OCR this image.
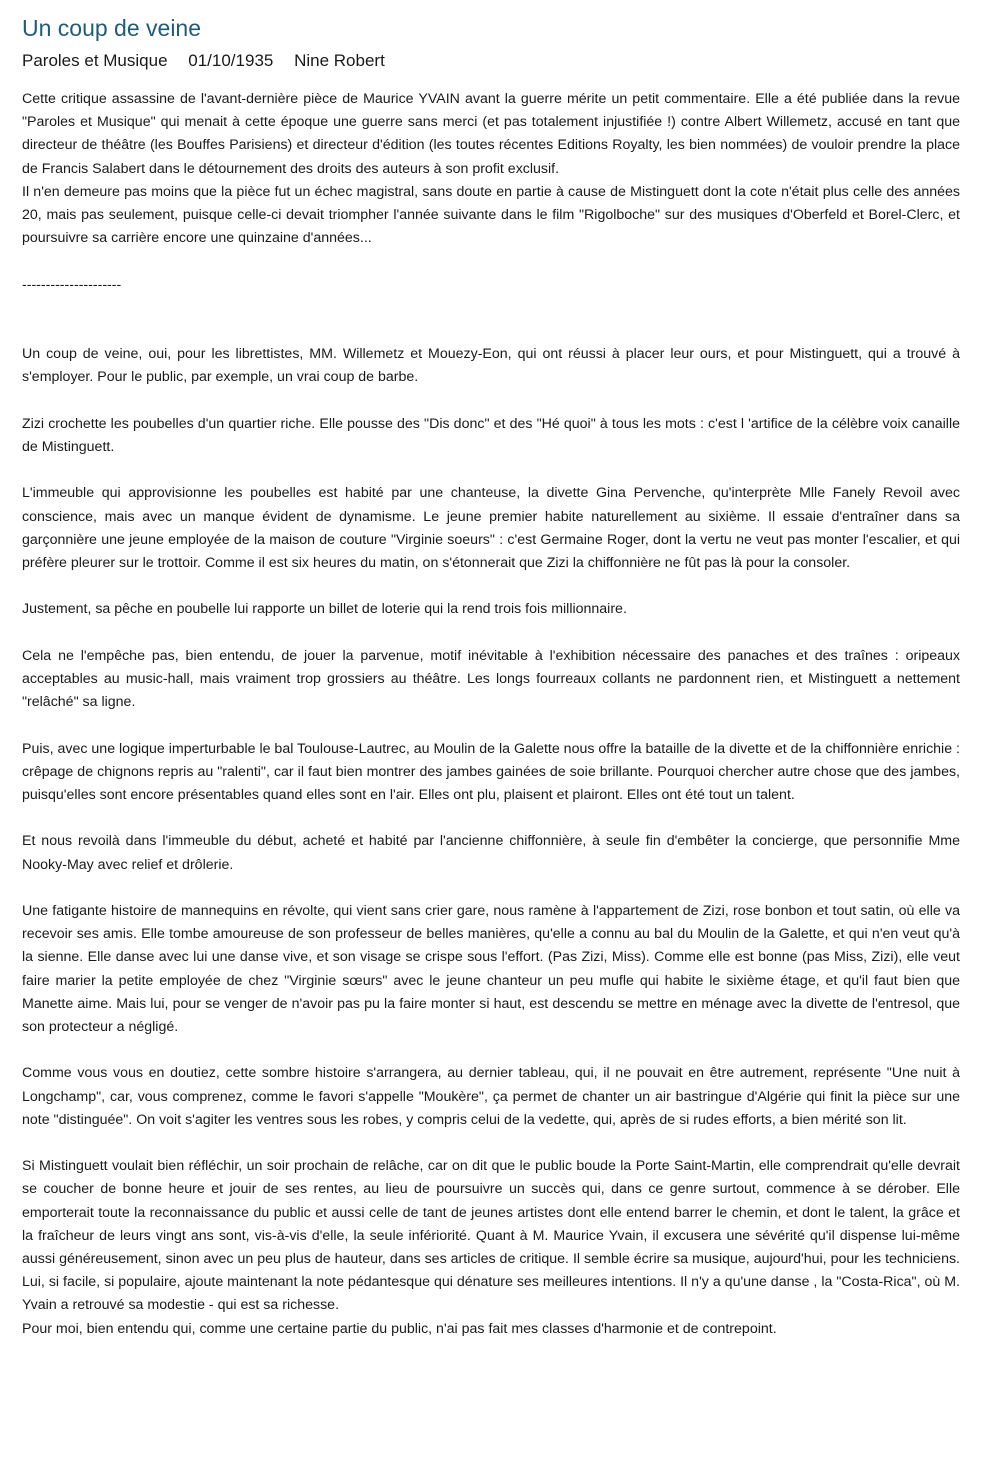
Un coup de veine
Paroles et Musique 01/10/1935 Nine Robert

Cette critique assassine de l'avant-dernière pièce de Maurice YVAIN avant la guerre mérite un petit commentaire. Elle a été publiée dans la revue "Paroles et Musique" qui menait à cette époque une guerre sans merci (et pas totalement injustifiée !) contre Albert Willemetz, accusé en tant que directeur de théâtre (les Bouffes Parisiens) et directeur d'édition (les toutes récentes Editions Royalty, les bien nommées) de vouloir prendre la place de Francis Salabert dans le détournement des droits des auteurs à son profit exclusif.

Il n'en demeure pas moins que la pièce fut un échec magistral, sans doute en partie à cause de Mistinguett dont la cote n'était plus celle des années 20, mais pas seulement, puisque celle-ci devait triompher l'année suivante dans le film "Rigolboche" sur des musiques d'Oberfeld et Borel-Clerc, et poursuivre sa carrière encore une quinzaine d'années...

---------------------

Un coup de veine, oui, pour les librettistes, MM. Willemetz et Mouezy-Eon, qui ont réussi à placer leur ours, et pour Mistinguett, qui a trouvé à s'employer. Pour le public, par exemple, un vrai coup de barbe.

Zizi crochette les poubelles d'un quartier riche. Elle pousse des "Dis donc" et des "Hé quoi" à tous les mots : c'est l 'artifice de la célèbre voix canaille de Mistinguett.

L'immeuble qui approvisionne les poubelles est habité par une chanteuse, la divette Gina Pervenche, qu'interprète Mlle Fanely Revoil avec conscience, mais avec un manque évident de dynamisme. Le jeune premier habite naturellement au sixième. Il essaie d'entraîner dans sa garçonnière une jeune employée de la maison de couture "Virginie soeurs" : c'est Germaine Roger, dont la vertu ne veut pas monter l'escalier, et qui préfère pleurer sur le trottoir. Comme il est six heures du matin, on s'étonnerait que Zizi la chiffonnière ne fût pas là pour la consoler.

Justement, sa pêche en poubelle lui rapporte un billet de loterie qui la rend trois fois millionnaire.

Cela ne l'empêche pas, bien entendu, de jouer la parvenue, motif inévitable à l'exhibition nécessaire des panaches et des traînes : oripeaux acceptables au music-hall, mais vraiment trop grossiers au théâtre. Les longs fourreaux collants ne pardonnent rien, et Mistinguett a nettement "relâché" sa ligne.

Puis, avec une logique imperturbable le bal Toulouse-Lautrec, au Moulin de la Galette nous offre la bataille de la divette et de la chiffonnière enrichie : crêpage de chignons repris au "ralenti", car il faut bien montrer des jambes gainées de soie brillante. Pourquoi chercher autre chose que des jambes, puisqu'elles sont encore présentables quand elles sont en l'air. Elles ont plu, plaisent et plairont. Elles ont été tout un talent.

Et nous revoilà dans l'immeuble du début, acheté et habité par l'ancienne chiffonnière, à seule fin d'embêter la concierge, que personnifie Mme Nooky-May avec relief et drôlerie.

Une fatigante histoire de mannequins en révolte, qui vient sans crier gare, nous ramène à l'appartement de Zizi, rose bonbon et tout satin, où elle va recevoir ses amis. Elle tombe amoureuse de son professeur de belles manières, qu'elle a connu au bal du Moulin de la Galette, et qui n'en veut qu'à la sienne. Elle danse avec lui une danse vive, et son visage se crispe sous l'effort. (Pas Zizi, Miss). Comme elle est bonne (pas Miss, Zizi), elle veut faire marier la petite employée de chez "Virginie sœurs" avec le jeune chanteur un peu mufle qui habite le sixième étage, et qu'il faut bien que Manette aime. Mais lui, pour se venger de n'avoir pas pu la faire monter si haut, est descendu se mettre en ménage avec la divette de l'entresol, que son protecteur a négligé.

Comme vous vous en doutiez, cette sombre histoire s'arrangera, au dernier tableau, qui, il ne pouvait en être autrement, représente "Une nuit à Longchamp", car, vous comprenez, comme le favori s'appelle "Moukère", ça permet de chanter un air bastringue d'Algérie qui finit la pièce sur une note "distinguée". On voit s'agiter les ventres sous les robes, y compris celui de la vedette, qui, après de si rudes efforts, a bien mérité son lit.

Si Mistinguett voulait bien réfléchir, un soir prochain de relâche, car on dit que le public boude la Porte Saint-Martin, elle comprendrait qu'elle devrait se coucher de bonne heure et jouir de ses rentes, au lieu de poursuivre un succès qui, dans ce genre surtout, commence à se dérober. Elle emporterait toute la reconnaissance du public et aussi celle de tant de jeunes artistes dont elle entend barrer le chemin, et dont le talent, la grâce et la fraîcheur de leurs vingt ans sont, vis-à-vis d'elle, la seule infériorité. Quant à M. Maurice Yvain, il excusera une sévérité qu'il dispense lui-même aussi généreusement, sinon avec un peu plus de hauteur, dans ses articles de critique. Il semble écrire sa musique, aujourd'hui, pour les techniciens. Lui, si facile, si populaire, ajoute maintenant la note pédantesque qui dénature ses meilleures intentions. Il n'y a qu'une danse , la "Costa-Rica", où M. Yvain a retrouvé sa modestie - qui est sa richesse.

Pour moi, bien entendu qui, comme une certaine partie du public, n'ai pas fait mes classes d'harmonie et de contrepoint.
